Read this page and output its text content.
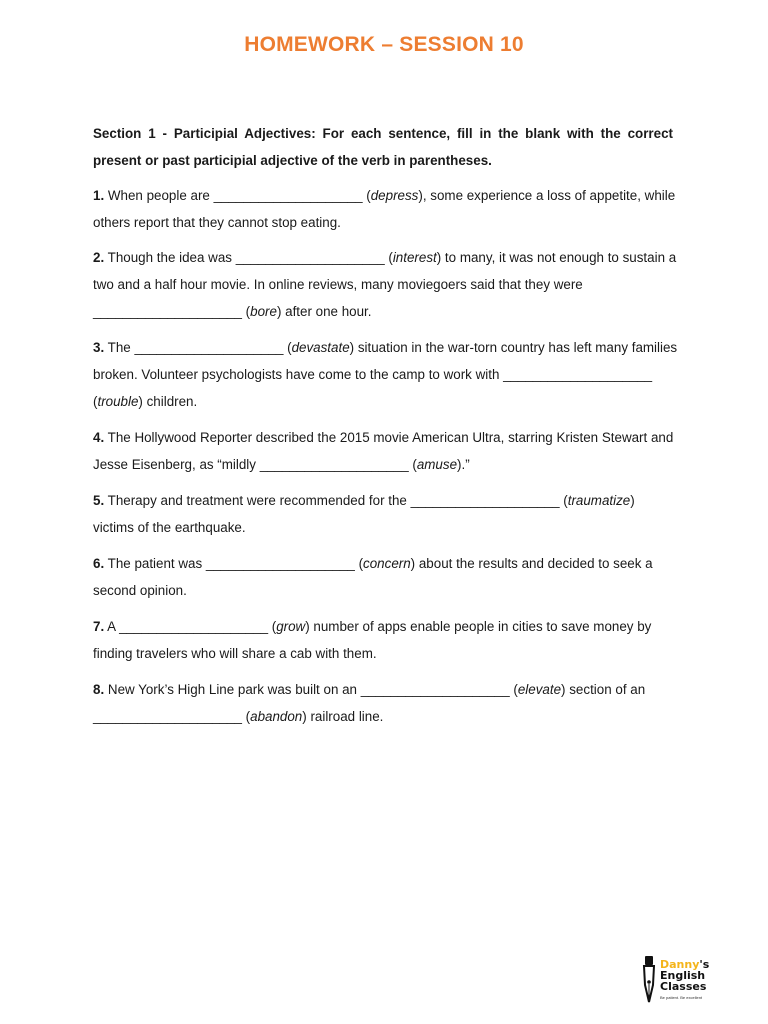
HOMEWORK – SESSION 10
Section 1 - Participial Adjectives: For each sentence, fill in the blank with the correct present or past participial adjective of the verb in parentheses.
1. When people are ____________________ (depress), some experience a loss of appetite, while others report that they cannot stop eating.
2. Though the idea was ____________________ (interest) to many, it was not enough to sustain a two and a half hour movie. In online reviews, many moviegoers said that they were ____________________ (bore) after one hour.
3. The ____________________ (devastate) situation in the war-torn country has left many families broken. Volunteer psychologists have come to the camp to work with ____________________ (trouble) children.
4. The Hollywood Reporter described the 2015 movie American Ultra, starring Kristen Stewart and Jesse Eisenberg, as “mildly ____________________ (amuse).”
5. Therapy and treatment were recommended for the ____________________ (traumatize) victims of the earthquake.
6. The patient was ____________________ (concern) about the results and decided to seek a second opinion.
7. A ____________________ (grow) number of apps enable people in cities to save money by finding travelers who will share a cab with them.
8. New York’s High Line park was built on an ____________________ (elevate) section of an ____________________ (abandon) railroad line.
Danny's
English
Classes
Be patient. Be excellent
